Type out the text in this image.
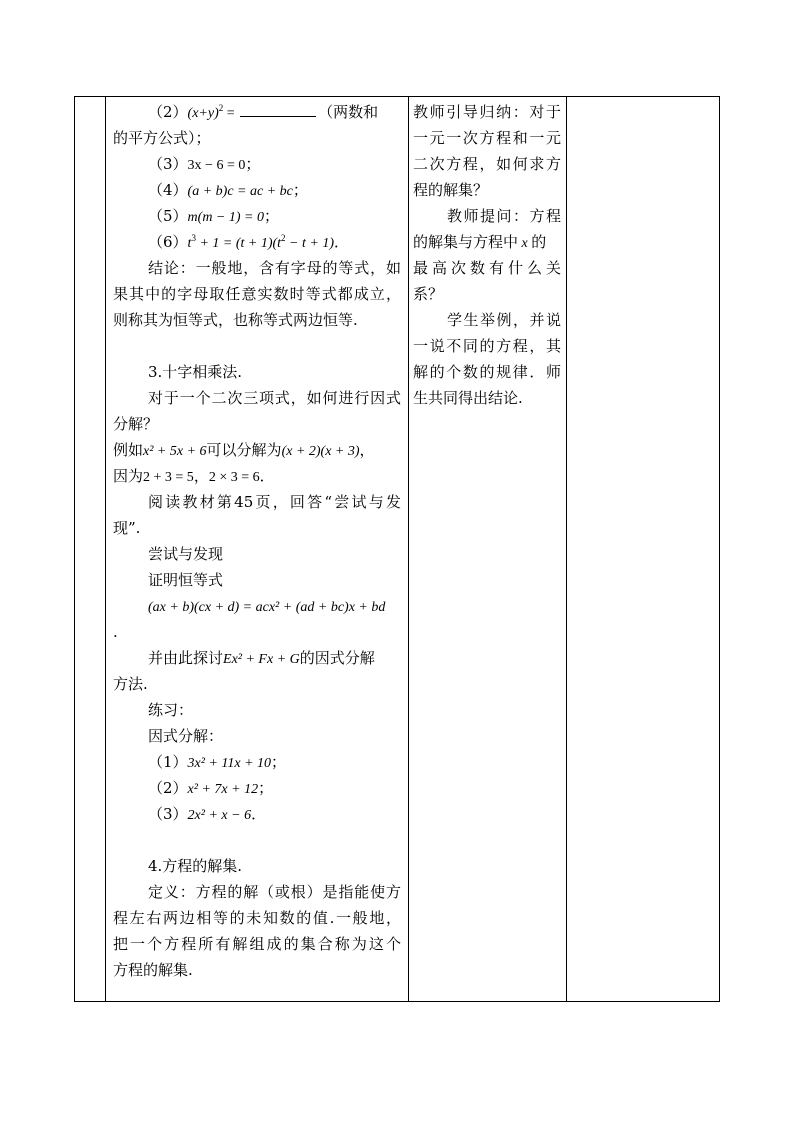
$(2)(x+y)^2$ =	（两数和
的平方公式）；
（3）3x − 6 = 0；
（4）(a + b)c = ac + bc；
（5）m(m − 1) = 0；
$(6)t^3 + 1 = (t + 1)(t^2 - t + 1)$．
结论：一般地，含有字母的等式，如
果其中的字母取任意实数时等式都成立，
则称其为恒等式，也称等式两边恒等.
3.十字相乘法.
对于一个二次三项式，如何进行因式
分解？
例如x² + 5x + 6可以分解为(x + 2)(x + 3)，
因为2 + 3 = 5，2 × 3 = 6．
阅读教材第45页，回答“尝试与发
现”.
尝试与发现
证明恒等式
(ax + b)(cx + d) = acx² + (ad + bc)x + bd
.
并由此探讨Ex² + Fx + G的因式分解
方法.
练习：
因式分解：
（1）3x² + 11x + 10；
（2）x² + 7x + 12；
（3）2x² + x − 6．
4.方程的解集.
定义：方程的解（或根）是指能使方
程左右两边相等的未知数的值.一般地，
把一个方程所有解组成的集合称为这个
方程的解集.
教师引导归纳：对于
一元一次方程和一元
二次方程，如何求方
程的解集？
教师提问：方程
的解集与方程中 x 的
最高次数有什么关
系？
学生举例，并说
一说不同的方程，其
解的个数的规律．师
生共同得出结论.
